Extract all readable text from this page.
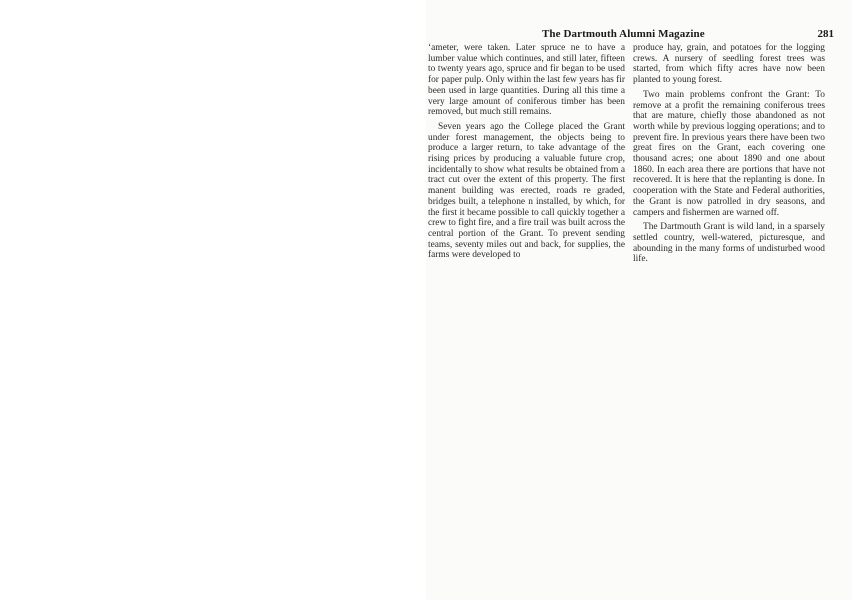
The Dartmouth Alumni Magazine	281

‘ameter, were taken. Later spruce ne to have a lumber value which continues, and still later, fifteen to twenty years ago, spruce and fir began to be used for paper pulp. Only within the last few years has fir been used in large quantities. During all this time a very large amount of coniferous timber has been removed, but much still remains.

Seven years ago the College placed the Grant under forest management, the objects being to produce a larger return, to take advantage of the rising prices by producing a valuable future crop, incidentally to show what results be obtained from a tract cut over the extent of this property. The first manent building was erected, roads re graded, bridges built, a telephone n installed, by which, for the first it became possible to call quickly together a crew to fight fire, and a fire trail was built across the central portion of the Grant. To prevent sending teams, seventy miles out and back, for supplies, the farms were developed to

produce hay, grain, and potatoes for the logging crews. A nursery of seedling forest trees was started, from which fifty acres have now been planted to young forest.

Two main problems confront the Grant: To remove at a profit the remaining coniferous trees that are mature, chiefly those abandoned as not worth while by previous logging operations; and to prevent fire. In previous years there have been two great fires on the Grant, each covering one thousand acres; one about 1890 and one about 1860. In each area there are portions that have not recovered. It is here that the replanting is done. In cooperation with the State and Federal authorities, the Grant is now patrolled in dry seasons, and campers and fishermen are warned off.

The Dartmouth Grant is wild land, in a sparsely settled country, well-watered, picturesque, and abounding in the many forms of undisturbed wood life.
